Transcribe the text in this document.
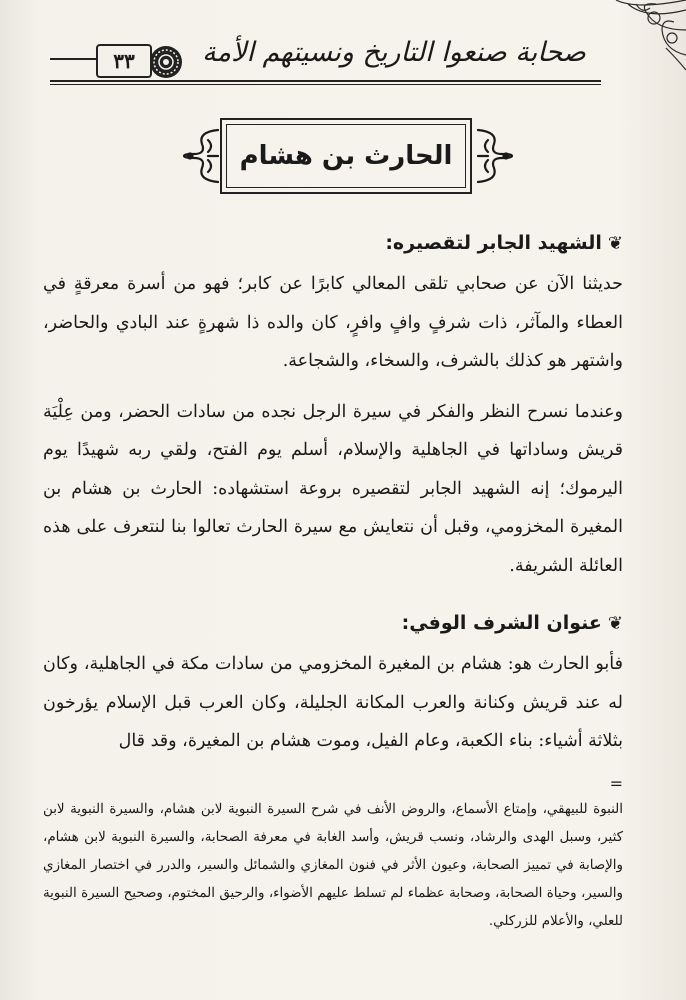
٣٣	صحابة صنعوا التاريخ ونسيتهم الأمة
الحارث بن هشام
❦
الشهيد الجابر لتقصيره:

حديثنا الآن عن صحابي تلقى المعالي كابرًا عن كابر؛ فهو من أسرة معرقةٍ في العطاء والمآثر، ذات شرفٍ وافٍ وافرٍ، كان والده ذا شهرةٍ عند البادي والحاضر، واشتهر هو كذلك بالشرف، والسخاء، والشجاعة.

وعندما نسرح النظر والفكر في سيرة الرجل نجده من سادات الحضر، ومن عِلْيَة قريش وساداتها في الجاهلية والإسلام، أسلم يوم الفتح، ولقي ربه شهيدًا يوم اليرموك؛ إنه الشهيد الجابر لتقصيره بروعة استشهاده: الحارث بن هشام بن المغيرة المخزومي، وقبل أن نتعايش مع سيرة الحارث تعالوا بنا لنتعرف على هذه العائلة الشريفة.

❦
عنوان الشرف الوفي:

فأبو الحارث هو: هشام بن المغيرة المخزومي من سادات مكة في الجاهلية، وكان له عند قريش وكنانة والعرب المكانة الجليلة، وكان العرب قبل الإسلام يؤرخون بثلاثة أشياء: بناء الكعبة، وعام الفيل، وموت هشام بن المغيرة، وقد قال

=
النبوة للبيهقي، وإمتاع الأسماع، والروض الأنف في شرح السيرة النبوية لابن هشام، والسيرة النبوية لابن كثير، وسبل الهدى والرشاد، ونسب قريش، وأسد الغابة في معرفة الصحابة، والسيرة النبوية لابن هشام، والإصابة في تمييز الصحابة، وعيون الأثر في فنون المغازي والشمائل والسير، والدرر في اختصار المغازي والسير، وحياة الصحابة، وصحابة عظماء لم تسلط عليهم الأضواء، والرحيق المختوم، وصحيح السيرة النبوية للعلي، والأعلام للزركلي.
